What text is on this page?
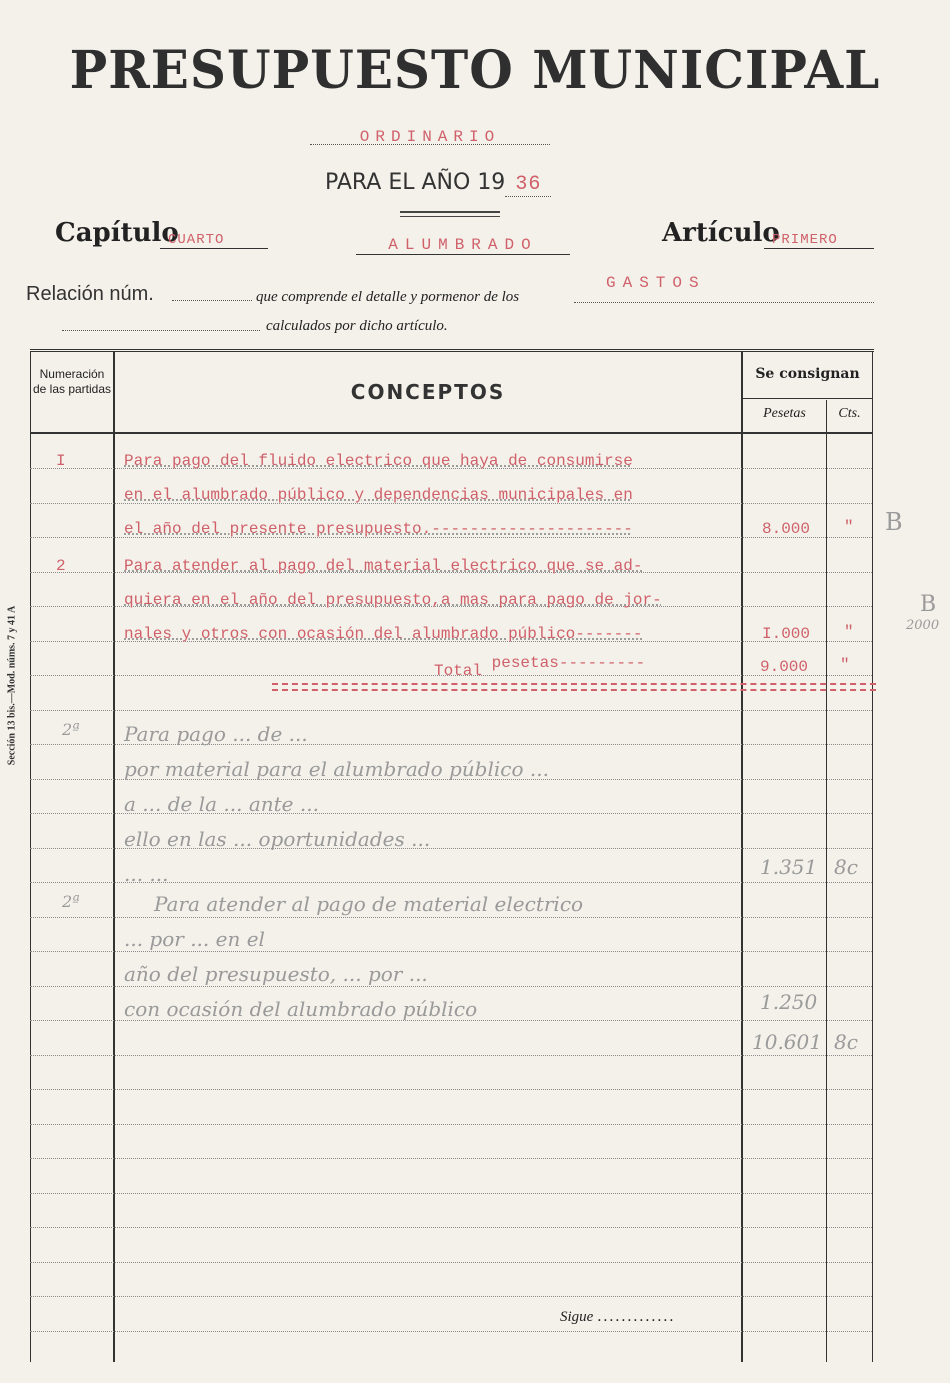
PRESUPUESTO MUNICIPAL
ORDINARIO
PARA EL AÑO 19 36
Capítulo
CUARTO	ALUMBRADO	Artículo
PRIMERO
Relación núm.	que comprende el detalle y pormenor de los
GASTOS
calculados por dicho artículo.
Numeración de las partidas	CONCEPTOS
Se consignan
Pesetas	Cts.
I	Para pago del fluido electrico que haya de consumirse
en el alumbrado público y dependencias municipales en
el año del presente presupuesto.---------------------	8.000 "
2	Para atender al pago del material electrico que se ad-
quiera en el año del presupuesto,a mas para pago de jor-
nales y otros con ocasión del alumbrado público-------	I.000 "
Total pesetas---------	9.000 "
B
B
2000
2ª Para pago ... de ...
por material para el alumbrado público ...
a ... de la ... ante ...
ello en las ... oportunidades ...
... ...	1.351 8c
2ª	Para atender al pago de material electrico
... por ... en el
año del presupuesto, ... por ...
con ocasión del alumbrado público	1.250
10.601 8c
Sección 13 bis.—Mod. núms. 7 y 41 A
Sigue .............
